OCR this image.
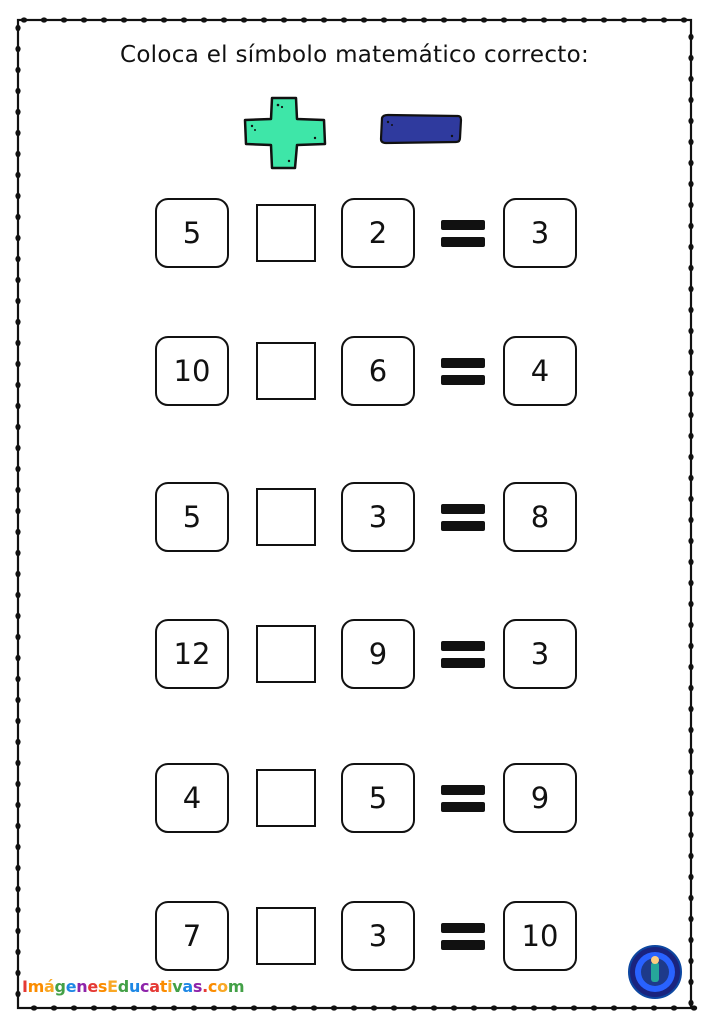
Coloca el símbolo matemático correcto:
5	2	3
10	6	4
5	3	8
12	9	3
4	5	9
7	3	10
ImágenesEducativas.com
